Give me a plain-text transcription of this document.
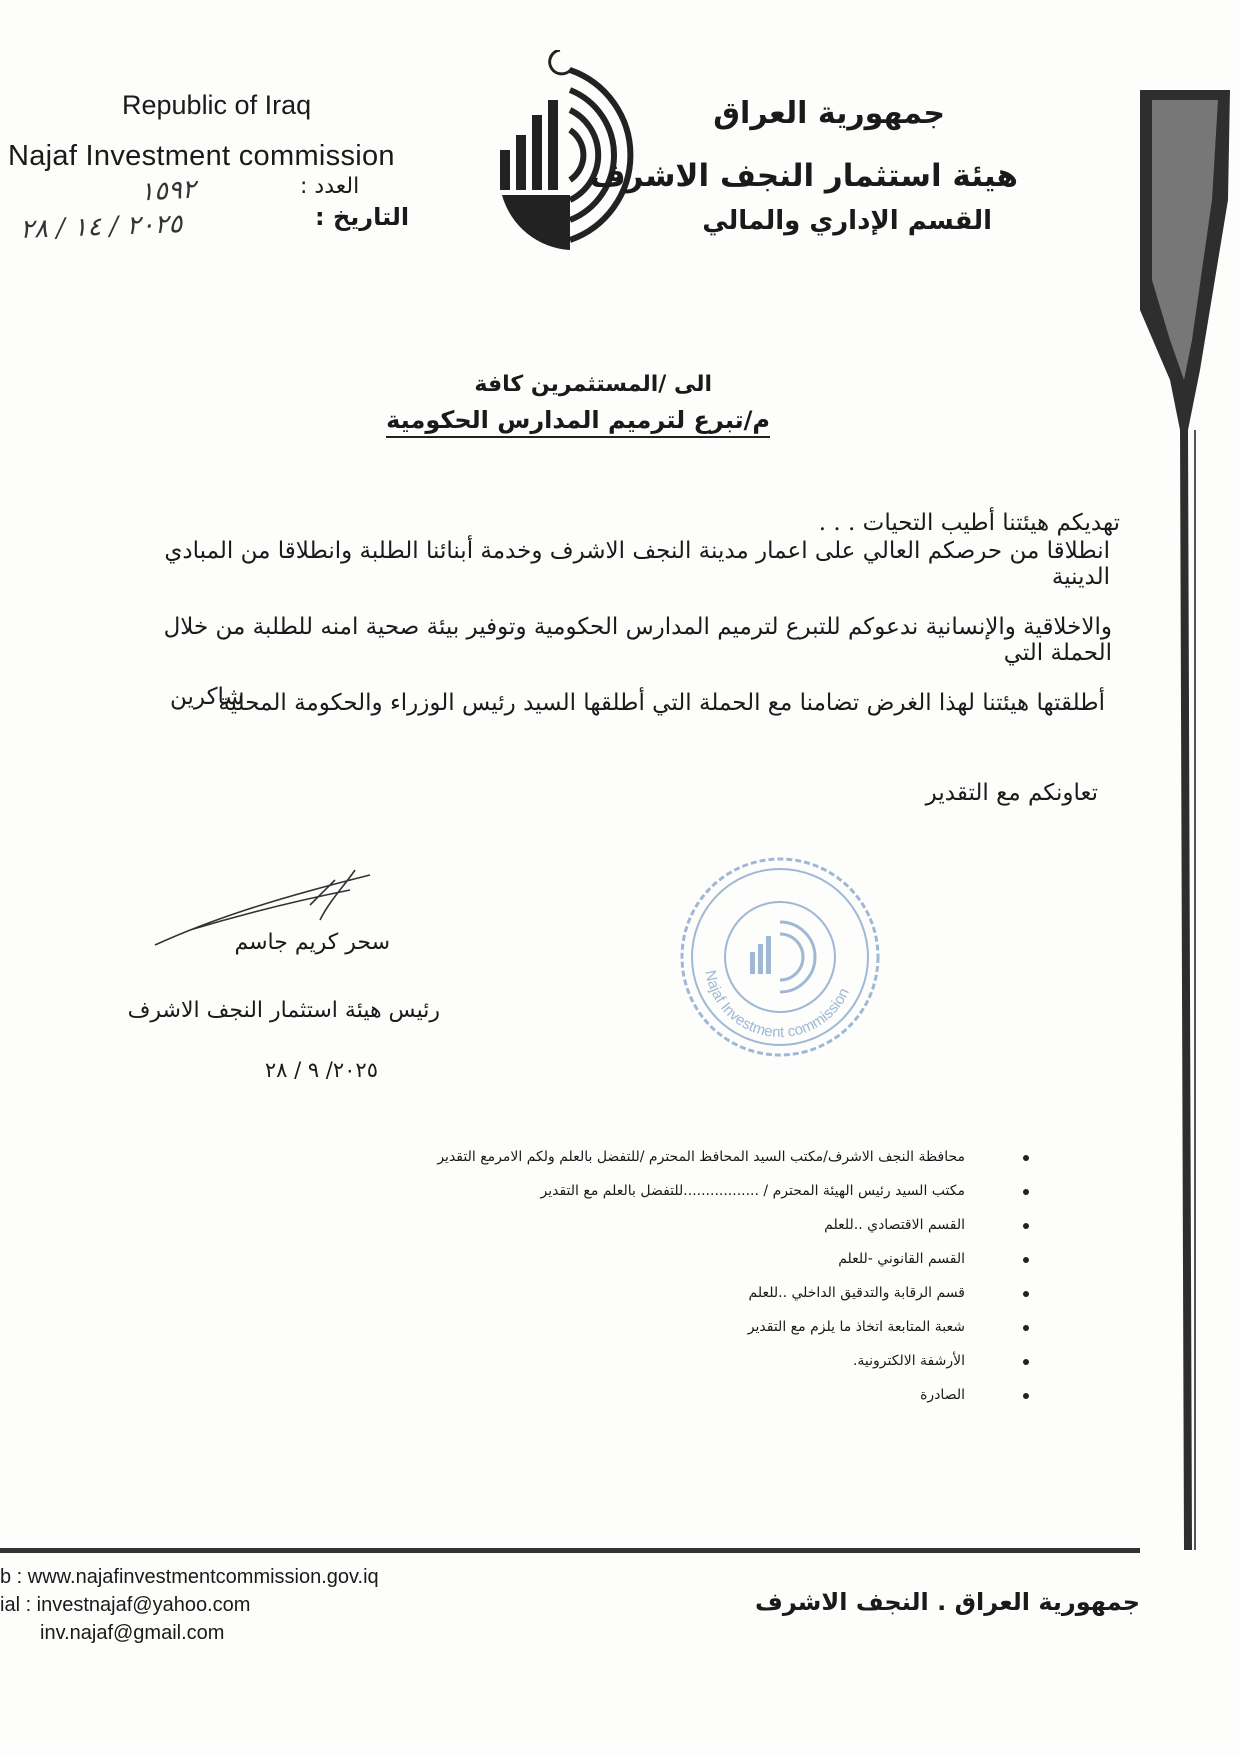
Republic of Iraq
Najaf Investment commission
العدد :
١٥٩٢
التاريخ :
٢٠٢٥ / ١٤ / ٢٨
جمهورية العراق
هيئة استثمار النجف الاشرف
القسم الإداري والمالي
الى /المستثمرين كافة
م/تبرع لترميم المدارس الحكومية
تهديكم هيئتنا أطيب التحيات . . .
انطلاقا من حرصكم العالي على اعمار مدينة النجف الاشرف وخدمة أبنائنا الطلبة وانطلاقا من المبادي الدينية
والاخلاقية والإنسانية ندعوكم للتبرع لترميم المدارس الحكومية وتوفير بيئة صحية امنه للطلبة من خلال الحملة التي
أطلقتها هيئتنا لهذا الغرض تضامنا مع الحملة التي أطلقها السيد رئيس الوزراء والحكومة المحلية
شاكرين
تعاونكم مع التقدير
سحر كريم جاسم
رئيس هيئة استثمار النجف الاشرف
٢٠٢٥/ ٩ / ٢٨
Najaf Investment commission
محافظة النجف الاشرف/مكتب السيد المحافظ المحترم /للتفضل بالعلم ولكم الامرمع التقدير
مكتب السيد رئيس الهيئة المحترم / .................للتفضل بالعلم مع التقدير
القسم الاقتصادي ..للعلم
القسم القانوني -للعلم
قسم الرقابة والتدقيق الداخلي ..للعلم
شعبة المتابعة اتخاذ ما يلزم مع التقدير
الأرشفة الالكترونية.
الصادرة
b : www.najafinvestmentcommission.gov.iq
ial : investnajaf@yahoo.com
inv.najaf@gmail.com
جمهورية العراق . النجف الاشرف
